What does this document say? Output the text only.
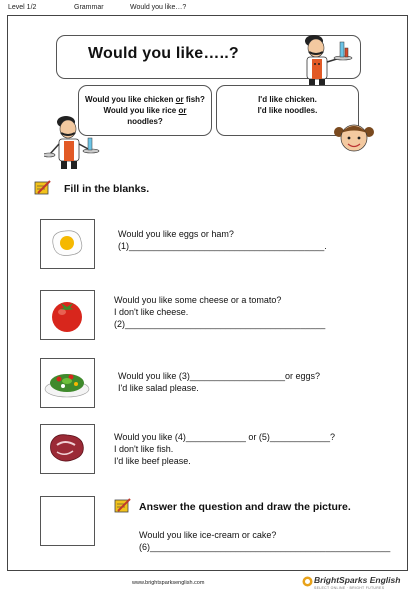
Level 1/2	Grammar	Would you like…?
Would you like…..?
Would you like chicken or fish?
Would you like rice or
noodles?
I'd like chicken.
I'd like noodles.
Fill in the blanks.
Would you like eggs or ham?
(1)_______________________________________.
Would you like some cheese or a tomato?
I don't like cheese.
(2)________________________________________
Would you like (3)___________________or eggs?
I'd like salad please.
Would you like (4)____________ or (5)____________?
I don't like fish.
I'd like beef please.
Answer the question and draw the picture.
Would you like ice-cream or cake?
(6)________________________________________________
www.brightsparksenglish.com	BrightSparks English
SELECT ONLINE · BRIGHT FUTURES
